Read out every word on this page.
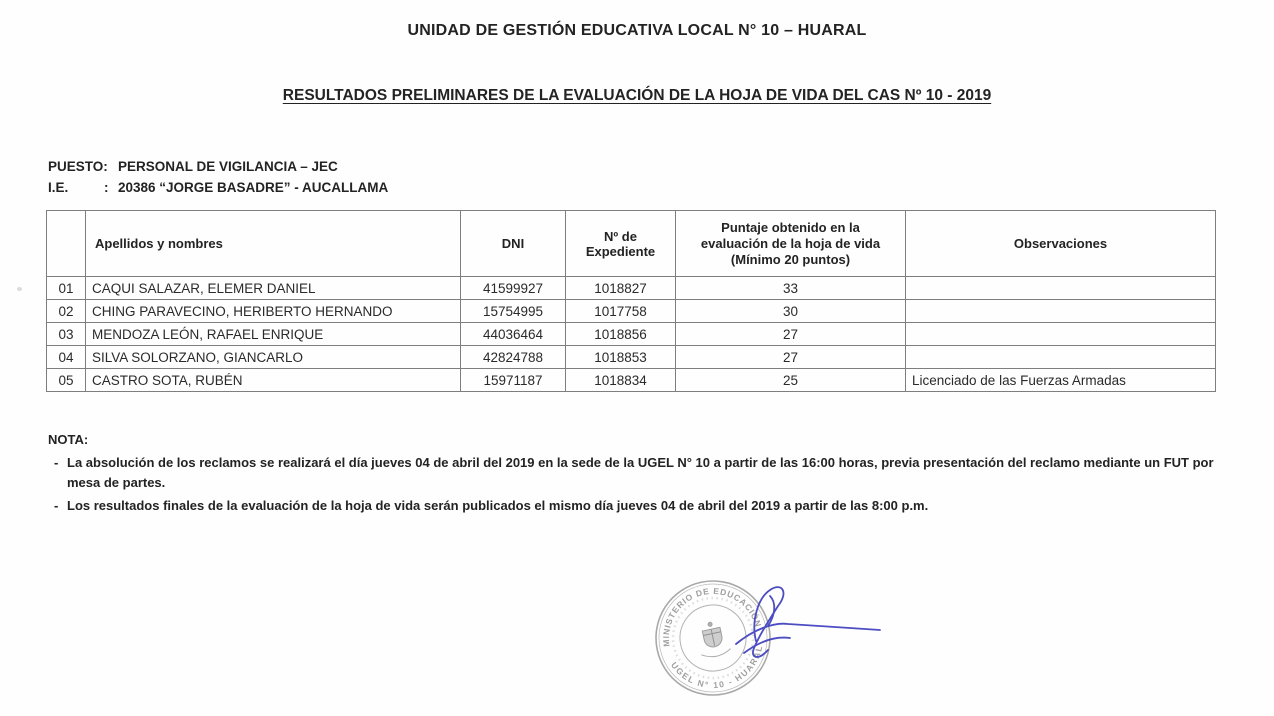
UNIDAD DE GESTIÓN EDUCATIVA LOCAL N° 10 – HUARAL
RESULTADOS PRELIMINARES DE LA EVALUACIÓN DE LA HOJA DE VIDA DEL CAS Nº 10 - 2019
PUESTO: PERSONAL DE VIGILANCIA – JEC
I.E.	: 20386 “JORGE BASADRE” - AUCALLAMA
	Apellidos y nombres	DNI	Nº de Expediente	Puntaje obtenido en la evaluación de la hoja de vida (Mínimo 20 puntos)	Observaciones
01	CAQUI SALAZAR, ELEMER DANIEL	41599927	1018827	33	
02	CHING PARAVECINO, HERIBERTO HERNANDO	15754995	1017758	30	
03	MENDOZA LEÓN, RAFAEL ENRIQUE	44036464	1018856	27	
04	SILVA SOLORZANO, GIANCARLO	42824788	1018853	27	
05	CASTRO SOTA, RUBÉN	15971187	1018834	25	Licenciado de las Fuerzas Armadas
NOTA:
- La absolución de los reclamos se realizará el día jueves 04 de abril del 2019 en la sede de la UGEL N° 10 a partir de las 16:00 horas, previa presentación del reclamo mediante un FUT por mesa de partes.
- Los resultados finales de la evaluación de la hoja de vida serán publicados el mismo día jueves 04 de abril del 2019 a partir de las 8:00 p.m.
MINISTERIO DE EDUCACIÓN
UGEL N° 10 - HUARAL
